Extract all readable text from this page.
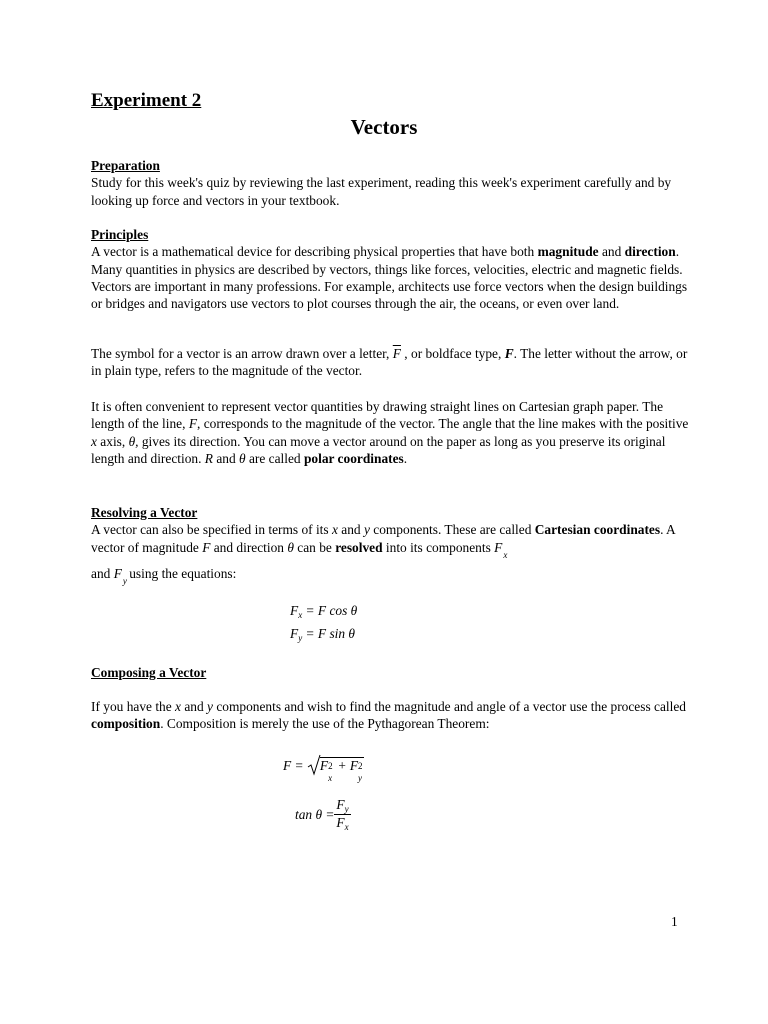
Experiment 2
Vectors
Preparation
Study for this week's quiz by reviewing the last experiment, reading this week's experiment carefully and by looking up force and vectors in your textbook.
Principles
A vector is a mathematical device for describing physical properties that have both magnitude and direction. Many quantities in physics are described by vectors, things like forces, velocities, electric and magnetic fields. Vectors are important in many professions. For example, architects use force vectors when the design buildings or bridges and navigators use vectors to plot courses through the air, the oceans, or even over land.
The symbol for a vector is an arrow drawn over a letter, $\overline{F}$ , or boldface type, F. The letter without the arrow, or in plain type, refers to the magnitude of the vector.
It is often convenient to represent vector quantities by drawing straight lines on Cartesian graph paper. The length of the line, F, corresponds to the magnitude of the vector. The angle that the line makes with the positive x axis, θ, gives its direction. You can move a vector around on the paper as long as you preserve its original length and direction. R and θ are called polar coordinates.
Resolving a Vector
A vector can also be specified in terms of its x and y components. These are called Cartesian coordinates. A vector of magnitude F and direction θ can be resolved into its components $F_x$
and $F_y$ using the equations:
$F_x = F$ cos θ
$F_y = F$ sin θ
Composing a Vector
If you have the x and y components and wish to find the magnitude and angle of a vector use the process called composition. Composition is merely the use of the Pythagorean Theorem:
F =
F 2
x
+ F 2
y
$\tan \theta = \frac{F_y}{F_x}$
1
